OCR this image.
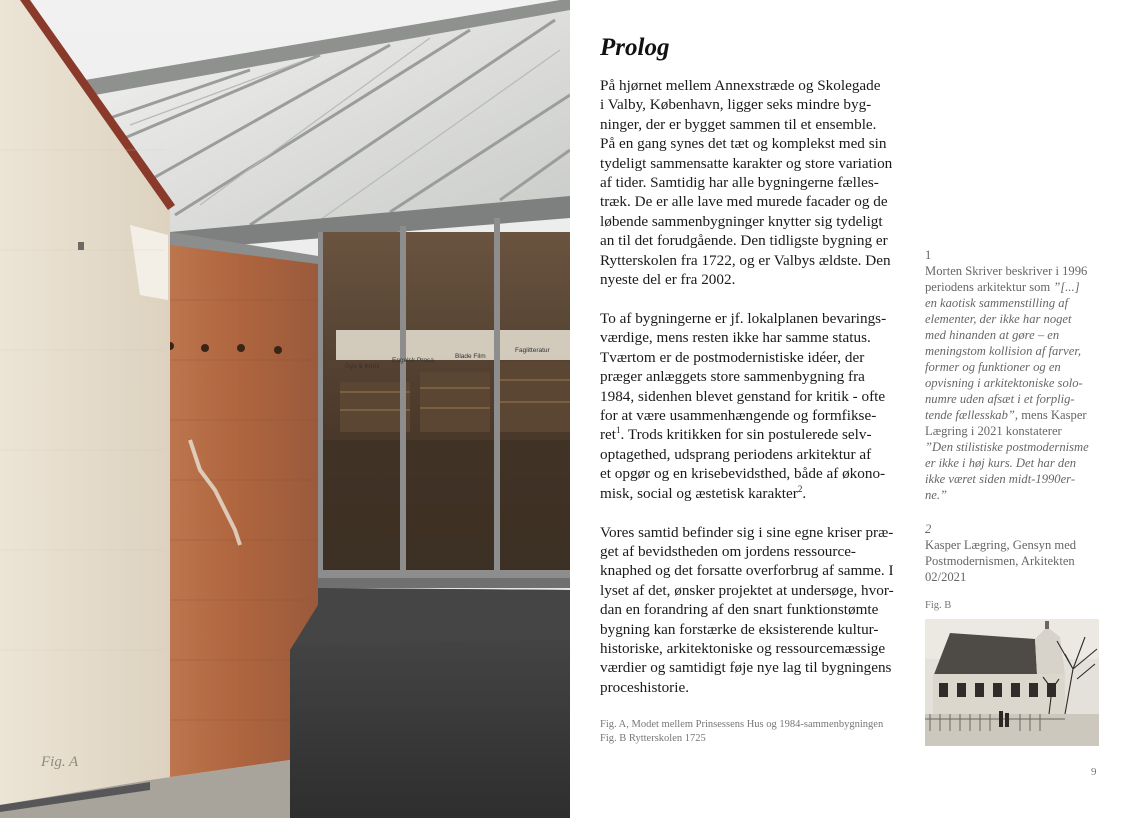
Gys & Krimi
Engelsk Prosa
Blade Film
Faglitteratur
Fig. A
Prolog

På hjørnet mellem Annexstræde og Skolegade
i Valby, København, ligger seks mindre byg-
ninger, der er bygget sammen til et ensemble.
På en gang synes det tæt og komplekst med sin
tydeligt sammensatte karakter og store variation
af tider. Samtidig har alle bygningerne fælles-
træk. De er alle lave med murede facader og de
løbende sammenbygninger knytter sig tydeligt
an til det forudgående. Den tidligste bygning er
Rytterskolen fra 1722, og er Valbys ældste. Den
nyeste del er fra 2002.

To af bygningerne er jf. lokalplanen bevarings-
værdige, mens resten ikke har samme status.
Tværtom er de postmodernistiske idéer, der
præger anlæggets store sammenbygning fra
1984, sidenhen blevet genstand for kritik - ofte
for at være usammenhængende og formfikse-
ret$^1$. Trods kritikken for sin postulerede selv-
optagethed, udsprang periodens arkitektur af
et opgør og en krisebevidsthed, både af økono-
misk, social og æstetisk karakter$^2$.

Vores samtid befinder sig i sine egne kriser præ-
get af bevidstheden om jordens ressource-
knaphed og det forsatte overforbrug af samme. I
lyset af det, ønsker projektet at undersøge, hvor-
dan en forandring af den snart funktionstømte
bygning kan forstærke de eksisterende kultur-
historiske, arkitektoniske og ressourcemæssige
værdier og samtidigt føje nye lag til bygningens
proceshistorie.

1
Morten Skriver beskriver i 1996
periodens arkitektur som ”[...]
en kaotisk sammenstilling af
elementer, der ikke har noget
med hinanden at gøre – en
meningstom kollision af farver,
former og funktioner og en
opvisning i arkitektoniske solo-
numre uden afsæt i et forplig-
tende fællesskab”, mens Kasper
Lægring i 2021 konstaterer
”Den stilistiske postmodernisme
er ikke i høj kurs. Det har den
ikke været siden midt-1990er-
ne.”
2
Kasper Lægring, Gensyn med
Postmodernismen, Arkitekten
02/2021
Fig. B
Fig. A, Modet mellem Prinsessens Hus og 1984-sammenbygningen
Fig. B Rytterskolen 1725
9
